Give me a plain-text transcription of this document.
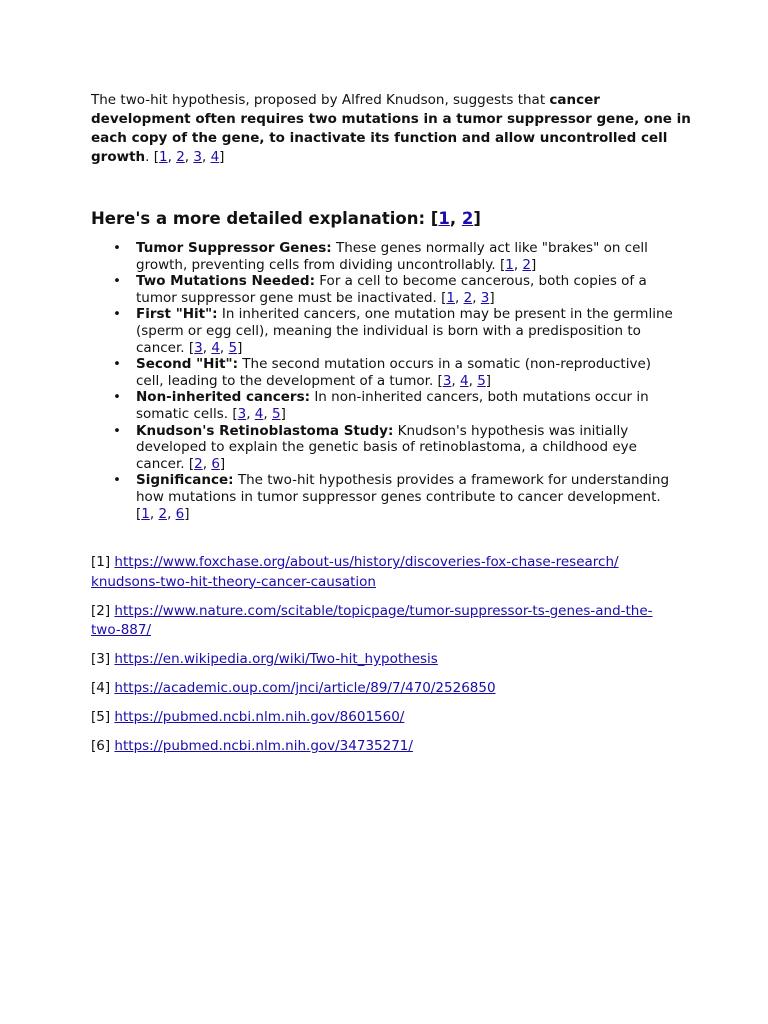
The two-hit hypothesis, proposed by Alfred Knudson, suggests that cancer development often requires two mutations in a tumor suppressor gene, one in each copy of the gene, to inactivate its function and allow uncontrolled cell growth. [1, 2, 3, 4]

Here's a more detailed explanation: [1, 2]
• Tumor Suppressor Genes: These genes normally act like "brakes" on cell growth, preventing cells from dividing uncontrollably. [1, 2]
• Two Mutations Needed: For a cell to become cancerous, both copies of a tumor suppressor gene must be inactivated. [1, 2, 3]
• First "Hit": In inherited cancers, one mutation may be present in the germline (sperm or egg cell), meaning the individual is born with a predisposition to cancer. [3, 4, 5]
• Second "Hit": The second mutation occurs in a somatic (non-reproductive) cell, leading to the development of a tumor. [3, 4, 5]
• Non-inherited cancers: In non-inherited cancers, both mutations occur in somatic cells. [3, 4, 5]
• Knudson's Retinoblastoma Study: Knudson's hypothesis was initially developed to explain the genetic basis of retinoblastoma, a childhood eye cancer. [2, 6]
• Significance: The two-hit hypothesis provides a framework for understanding how mutations in tumor suppressor genes contribute to cancer development. [1, 2, 6]

[1] https://www.foxchase.org/about-us/history/discoveries-fox-chase-research/
knudsons-two-hit-theory-cancer-causation

[2] https://www.nature.com/scitable/topicpage/tumor-suppressor-ts-genes-and-the-
two-887/

[3] https://en.wikipedia.org/wiki/Two-hit_hypothesis

[4] https://academic.oup.com/jnci/article/89/7/470/2526850

[5] https://pubmed.ncbi.nlm.nih.gov/8601560/

[6] https://pubmed.ncbi.nlm.nih.gov/34735271/
